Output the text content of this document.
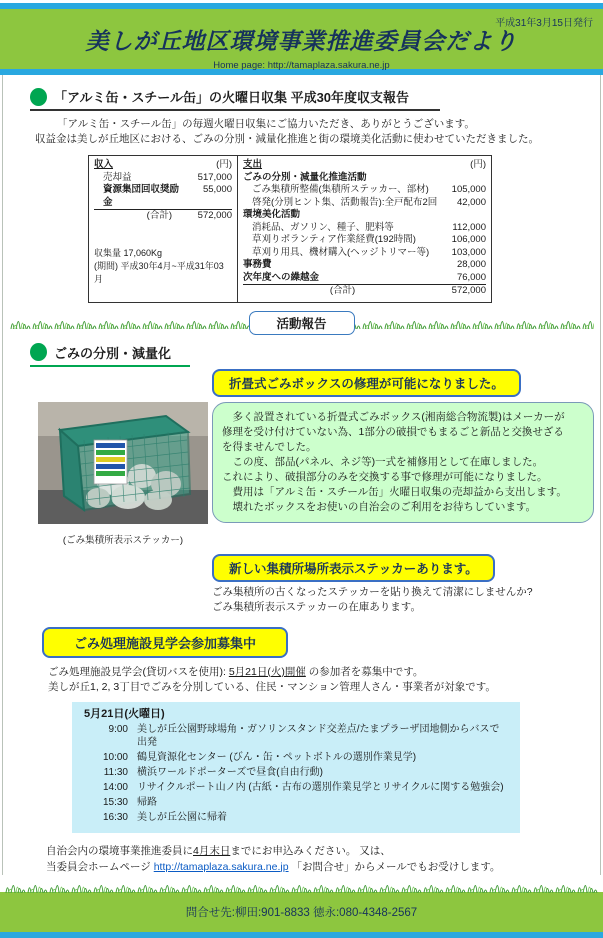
平成31年3月15日発行
美しが丘地区環境事業推進委員会だより
Home page: http://tamaplaza.sakura.ne.jp
「アルミ缶・スチール缶」の火曜日収集 平成30年度収支報告

「アルミ缶・スチール缶」の毎週火曜日収集にご協力いただき、ありがとうございます。
収益金は美しが丘地区における、ごみの分別・減量化推進と街の環境美化活動に使わせていただきました。

収入	(円)
売却益	517,000
資源集団回収奨励金
55,000
(合計)	572,000
収集量 17,060Kg
(期間) 平成30年4月~平成31年03月
支出	(円)
ごみの分別・減量化推進活動
ごみ集積所整備(集積所ステッカー、部材)	105,000
啓発(分別ヒント集、活動報告):全戸配布2回	42,000
環境美化活動
消耗品、ガソリン、種子、肥料等	112,000
草刈りボランティア作業経費(192時間)	106,000
草刈り用具、機材購入(ヘッジトリマー等)	103,000
事務費	28,000
次年度への繰越金	76,000
(合計)	572,000
活動報告
ごみの分別・減量化
折畳式ごみボックスの修理が可能になりました。
(ごみ集積所表示ステッカー)
　多く設置されている折畳式ごみボックス(湘南総合物流製)はメーカーが
修理を受け付けていない為、1部分の破損でもまるごと新品と交換せざる
を得ませんでした。
　この度、部品(パネル、ネジ等)一式を補修用として在庫しました。
これにより、破損部分のみを交換する事で修理が可能になりました。
　費用は「アルミ缶・スチール缶」火曜日収集の売却益から支出します。
　壊れたボックスをお使いの自治会のご利用をお待ちしています。
新しい集積所場所表示ステッカーあります。
ごみ集積所の古くなったステッカーを貼り換えて清潔にしませんか?
ごみ集積所表示ステッカーの在庫あります。
ごみ処理施設見学会参加募集中
ごみ処理施設見学会(貸切バスを使用): 5月21日(火)開催 の参加者を募集中です。
美しが丘1, 2, 3丁目でごみを分別している、住民・マンション管理人さん・事業者が対象です。
5月21日(火曜日)
9:00 美しが丘公園野球場角・ガソリンスタンド交差点/たまプラーザ団地側からバスで出発
10:00 鶴見資源化センター (びん・缶・ペットボトルの選別作業見学)
11:30 横浜ワールドポーターズで昼食(自由行動)
14:00 リサイクルポート山ノ内 (古紙・古布の選別作業見学とリサイクルに関する勉強会)
15:30 帰路
16:30 美しが丘公園に帰着
自治会内の環境事業推進委員に4月末日までにお申込みください。 又は、
当委員会ホームページ http://tamaplaza.sakura.ne.jp 「お問合せ」からメールでもお受けします。
問合せ先:柳田:901-8833 徳永:080-4348-2567
